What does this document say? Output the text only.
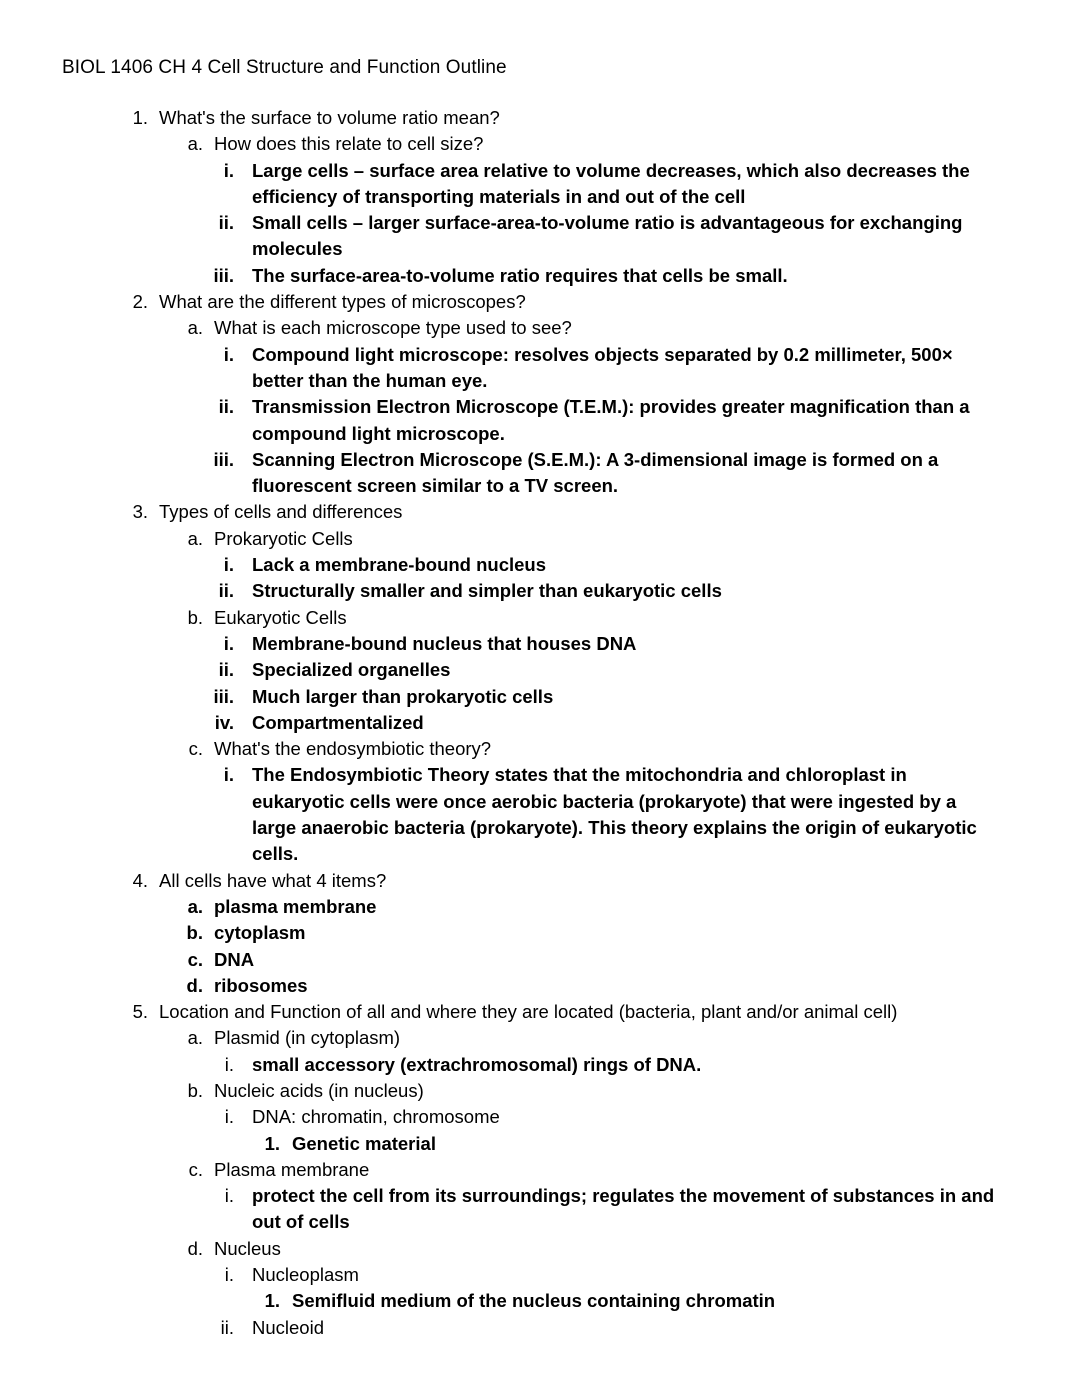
BIOL 1406 CH 4 Cell Structure and Function Outline
1. What's the surface to volume ratio mean?
a. How does this relate to cell size?
i. Large cells – surface area relative to volume decreases, which also decreases the efficiency of transporting materials in and out of the cell
ii. Small cells – larger surface-area-to-volume ratio is advantageous for exchanging molecules
iii. The surface-area-to-volume ratio requires that cells be small.
2. What are the different types of microscopes?
a. What is each microscope type used to see?
i. Compound light microscope: resolves objects separated by 0.2 millimeter, 500× better than the human eye.
ii. Transmission Electron Microscope (T.E.M.): provides greater magnification than a compound light microscope.
iii. Scanning Electron Microscope (S.E.M.): A 3-dimensional image is formed on a fluorescent screen similar to a TV screen.
3. Types of cells and differences
a. Prokaryotic Cells
i. Lack a membrane-bound nucleus
ii. Structurally smaller and simpler than eukaryotic cells
b. Eukaryotic Cells
i. Membrane-bound nucleus that houses DNA
ii. Specialized organelles
iii. Much larger than prokaryotic cells
iv. Compartmentalized
c. What's the endosymbiotic theory?
i. The Endosymbiotic Theory states that the mitochondria and chloroplast in eukaryotic cells were once aerobic bacteria (prokaryote) that were ingested by a large anaerobic bacteria (prokaryote). This theory explains the origin of eukaryotic cells.
4. All cells have what 4 items?
a. plasma membrane
b. cytoplasm
c. DNA
d. ribosomes
5. Location and Function of all and where they are located (bacteria, plant and/or animal cell)
a. Plasmid (in cytoplasm)
i. small accessory (extrachromosomal) rings of DNA.
b. Nucleic acids (in nucleus)
i. DNA: chromatin, chromosome
1. Genetic material
c. Plasma membrane
i. protect the cell from its surroundings; regulates the movement of substances in and out of cells
d. Nucleus
i. Nucleoplasm
1. Semifluid medium of the nucleus containing chromatin
ii. Nucleoid
